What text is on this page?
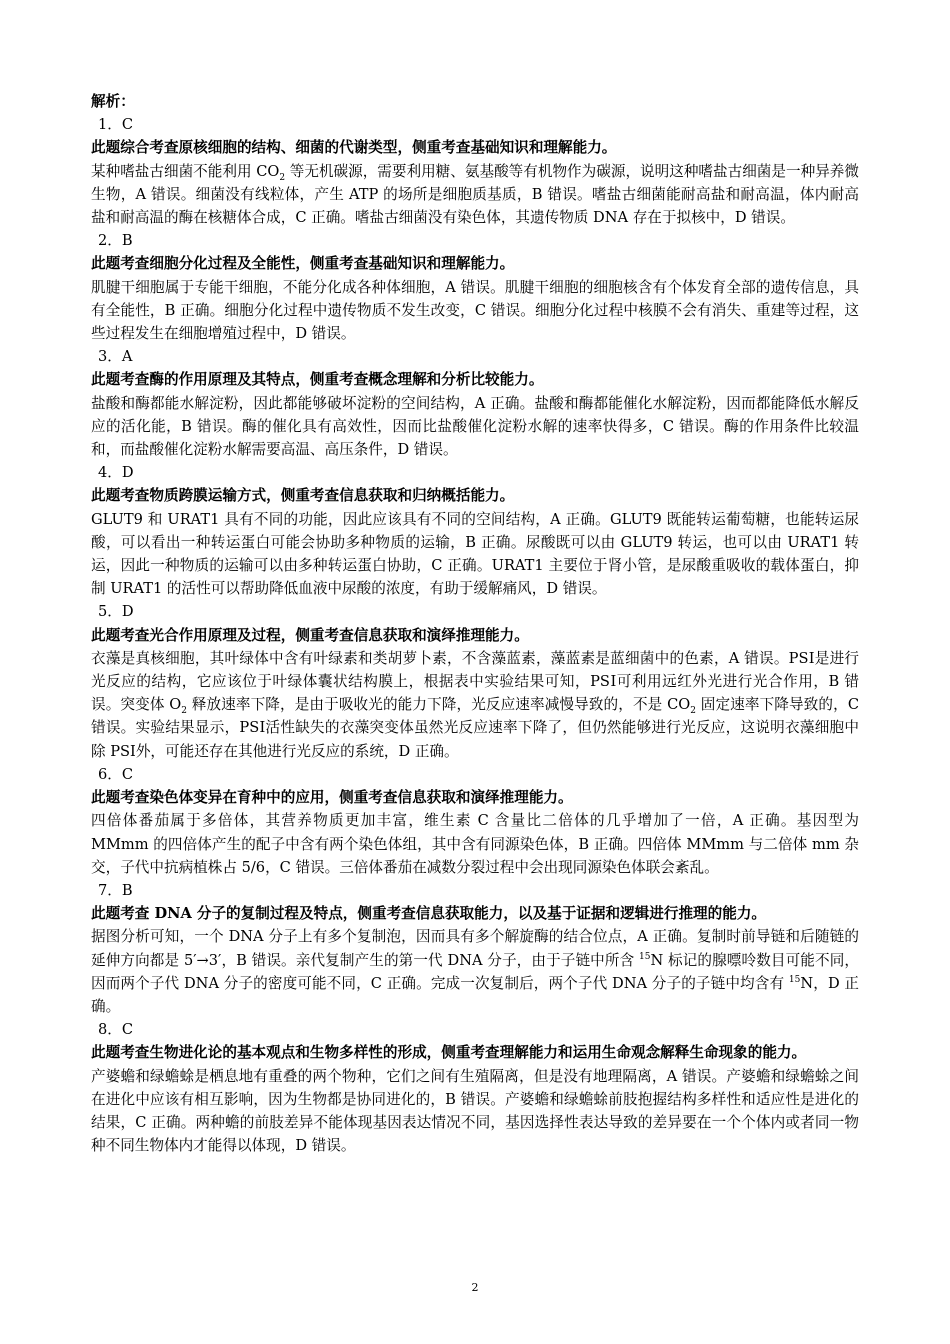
解析：

1．C

此题综合考查原核细胞的结构、细菌的代谢类型，侧重考查基础知识和理解能力。

某种嗜盐古细菌不能利用 $CO_2$ 等无机碳源，需要利用糖、氨基酸等有机物作为碳源，说明这种嗜盐古细菌是一种异养微生物，A 错误。细菌没有线粒体，产生 ATP 的场所是细胞质基质，B 错误。嗜盐古细菌能耐高盐和耐高温，体内耐高盐和耐高温的酶在核糖体合成，C 正确。嗜盐古细菌没有染色体，其遗传物质 DNA 存在于拟核中，D 错误。

2．B

此题考查细胞分化过程及全能性，侧重考查基础知识和理解能力。

肌腱干细胞属于专能干细胞，不能分化成各种体细胞，A 错误。肌腱干细胞的细胞核含有个体发育全部的遗传信息，具有全能性，B 正确。细胞分化过程中遗传物质不发生改变，C 错误。细胞分化过程中核膜不会有消失、重建等过程，这些过程发生在细胞增殖过程中，D 错误。

3．A

此题考查酶的作用原理及其特点，侧重考查概念理解和分析比较能力。

盐酸和酶都能水解淀粉，因此都能够破坏淀粉的空间结构，A 正确。盐酸和酶都能催化水解淀粉，因而都能降低水解反应的活化能，B 错误。酶的催化具有高效性，因而比盐酸催化淀粉水解的速率快得多，C 错误。酶的作用条件比较温和，而盐酸催化淀粉水解需要高温、高压条件，D 错误。

4．D

此题考查物质跨膜运输方式，侧重考查信息获取和归纳概括能力。

GLUT9 和 URAT1 具有不同的功能，因此应该具有不同的空间结构，A 正确。GLUT9 既能转运葡萄糖，也能转运尿酸，可以看出一种转运蛋白可能会协助多种物质的运输，B 正确。尿酸既可以由 GLUT9 转运，也可以由 URAT1 转运，因此一种物质的运输可以由多种转运蛋白协助，C 正确。URAT1 主要位于肾小管，是尿酸重吸收的载体蛋白，抑制 URAT1 的活性可以帮助降低血液中尿酸的浓度，有助于缓解痛风，D 错误。

5．D

此题考查光合作用原理及过程，侧重考查信息获取和演绎推理能力。

衣藻是真核细胞，其叶绿体中含有叶绿素和类胡萝卜素，不含藻蓝素，藻蓝素是蓝细菌中的色素，A 错误。PSⅠ是进行光反应的结构，它应该位于叶绿体囊状结构膜上，根据表中实验结果可知，PSⅠ可利用远红外光进行光合作用，B 错误。突变体 $O_2$ 释放速率下降，是由于吸收光的能力下降，光反应速率减慢导致的，不是 $CO_2$ 固定速率下降导致的，C 错误。实验结果显示，PSⅠ活性缺失的衣藻突变体虽然光反应速率下降了，但仍然能够进行光反应，这说明衣藻细胞中除 PSⅠ外，可能还存在其他进行光反应的系统，D 正确。

6．C

此题考查染色体变异在育种中的应用，侧重考查信息获取和演绎推理能力。

四倍体番茄属于多倍体，其营养物质更加丰富，维生素 C 含量比二倍体的几乎增加了一倍，A 正确。基因型为 MMmm 的四倍体产生的配子中含有两个染色体组，其中含有同源染色体，B 正确。四倍体 MMmm 与二倍体 mm 杂交，子代中抗病植株占 5/6，C 错误。三倍体番茄在减数分裂过程中会出现同源染色体联会紊乱。

7．B

此题考查 DNA 分子的复制过程及特点，侧重考查信息获取能力，以及基于证据和逻辑进行推理的能力。

据图分析可知，一个 DNA 分子上有多个复制泡，因而具有多个解旋酶的结合位点，A 正确。复制时前导链和后随链的延伸方向都是 5′→3′，B 错误。亲代复制产生的第一代 DNA 分子，由于子链中所含 $^{15}$N 标记的腺嘌呤数目可能不同，因而两个子代 DNA 分子的密度可能不同，C 正确。完成一次复制后，两个子代 DNA 分子的子链中均含有 $^{15}$N，D 正确。

8．C

此题考查生物进化论的基本观点和生物多样性的形成，侧重考查理解能力和运用生命观念解释生命现象的能力。

产婆蟾和绿蟾蜍是栖息地有重叠的两个物种，它们之间有生殖隔离，但是没有地理隔离，A 错误。产婆蟾和绿蟾蜍之间在进化中应该有相互影响，因为生物都是协同进化的，B 错误。产婆蟾和绿蟾蜍前肢抱握结构多样性和适应性是进化的结果，C 正确。两种蟾的前肢差异不能体现基因表达情况不同，基因选择性表达导致的差异要在一个个体内或者同一物种不同生物体内才能得以体现，D 错误。

2
